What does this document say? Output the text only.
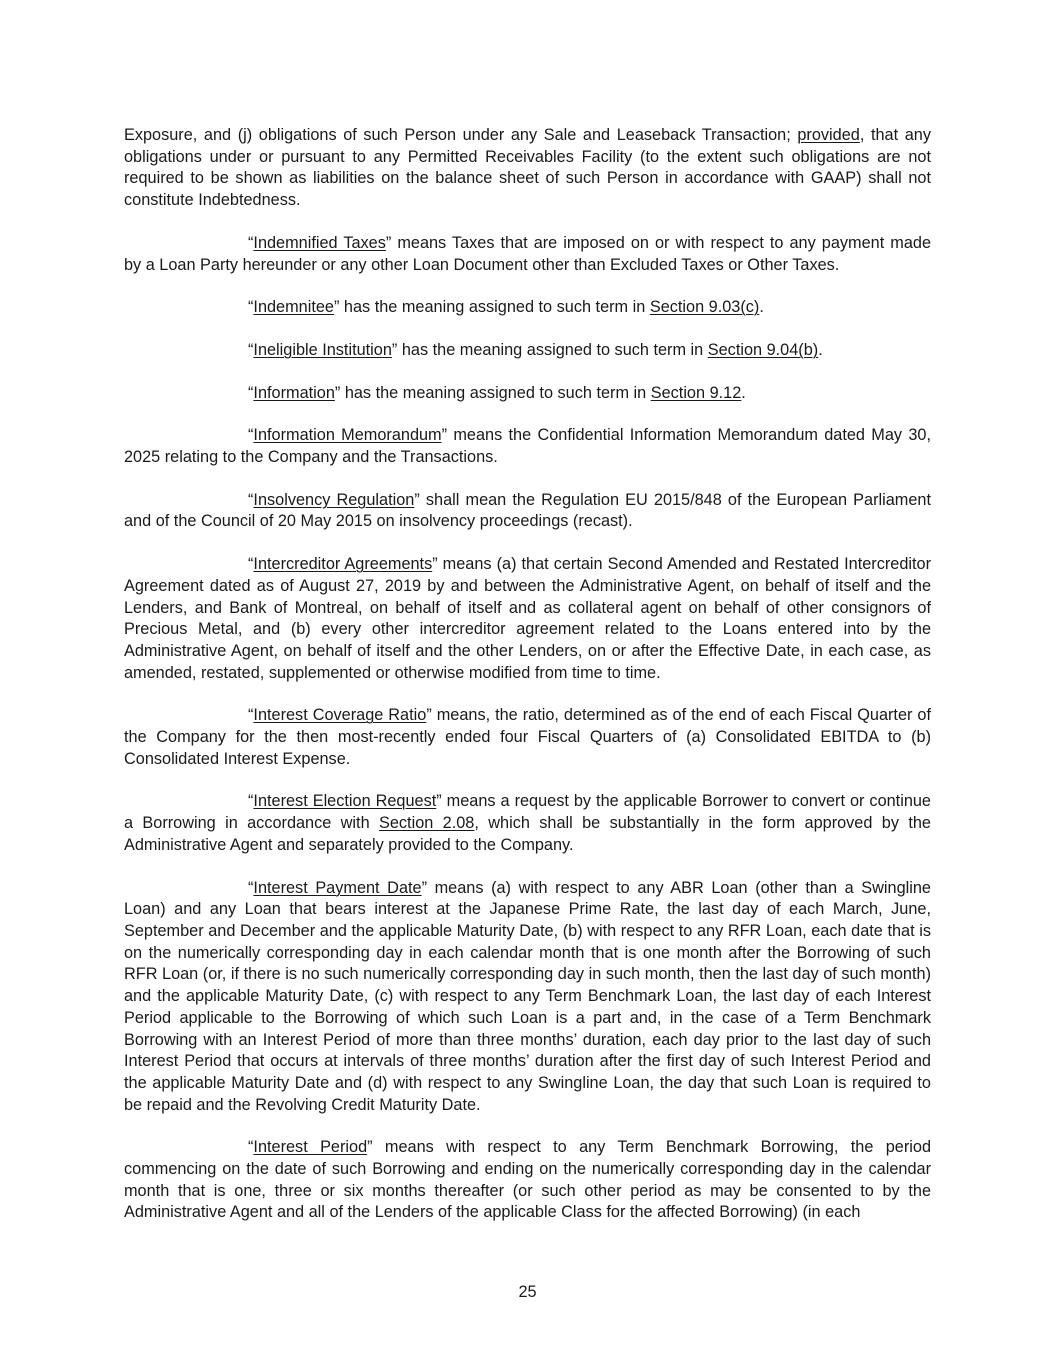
Exposure, and (j) obligations of such Person under any Sale and Leaseback Transaction; provided, that any obligations under or pursuant to any Permitted Receivables Facility (to the extent such obligations are not required to be shown as liabilities on the balance sheet of such Person in accordance with GAAP) shall not constitute Indebtedness.

“Indemnified Taxes” means Taxes that are imposed on or with respect to any payment made by a Loan Party hereunder or any other Loan Document other than Excluded Taxes or Other Taxes.

“Indemnitee” has the meaning assigned to such term in Section 9.03(c).

“Ineligible Institution” has the meaning assigned to such term in Section 9.04(b).

“Information” has the meaning assigned to such term in Section 9.12.

“Information Memorandum” means the Confidential Information Memorandum dated May 30, 2025 relating to the Company and the Transactions.

“Insolvency Regulation” shall mean the Regulation EU 2015/848 of the European Parliament and of the Council of 20 May 2015 on insolvency proceedings (recast).

“Intercreditor Agreements” means (a) that certain Second Amended and Restated Intercreditor Agreement dated as of August 27, 2019 by and between the Administrative Agent, on behalf of itself and the Lenders, and Bank of Montreal, on behalf of itself and as collateral agent on behalf of other consignors of Precious Metal, and (b) every other intercreditor agreement related to the Loans entered into by the Administrative Agent, on behalf of itself and the other Lenders, on or after the Effective Date, in each case, as amended, restated, supplemented or otherwise modified from time to time.

“Interest Coverage Ratio” means, the ratio, determined as of the end of each Fiscal Quarter of the Company for the then most-recently ended four Fiscal Quarters of (a) Consolidated EBITDA to (b) Consolidated Interest Expense.

“Interest Election Request” means a request by the applicable Borrower to convert or continue a Borrowing in accordance with Section 2.08, which shall be substantially in the form approved by the Administrative Agent and separately provided to the Company.

“Interest Payment Date” means (a) with respect to any ABR Loan (other than a Swingline Loan) and any Loan that bears interest at the Japanese Prime Rate, the last day of each March, June, September and December and the applicable Maturity Date, (b) with respect to any RFR Loan, each date that is on the numerically corresponding day in each calendar month that is one month after the Borrowing of such RFR Loan (or, if there is no such numerically corresponding day in such month, then the last day of such month) and the applicable Maturity Date, (c) with respect to any Term Benchmark Loan, the last day of each Interest Period applicable to the Borrowing of which such Loan is a part and, in the case of a Term Benchmark Borrowing with an Interest Period of more than three months’ duration, each day prior to the last day of such Interest Period that occurs at intervals of three months’ duration after the first day of such Interest Period and the applicable Maturity Date and (d) with respect to any Swingline Loan, the day that such Loan is required to be repaid and the Revolving Credit Maturity Date.

“Interest Period” means with respect to any Term Benchmark Borrowing, the period commencing on the date of such Borrowing and ending on the numerically corresponding day in the calendar month that is one, three or six months thereafter (or such other period as may be consented to by the Administrative Agent and all of the Lenders of the applicable Class for the affected Borrowing) (in each

25
